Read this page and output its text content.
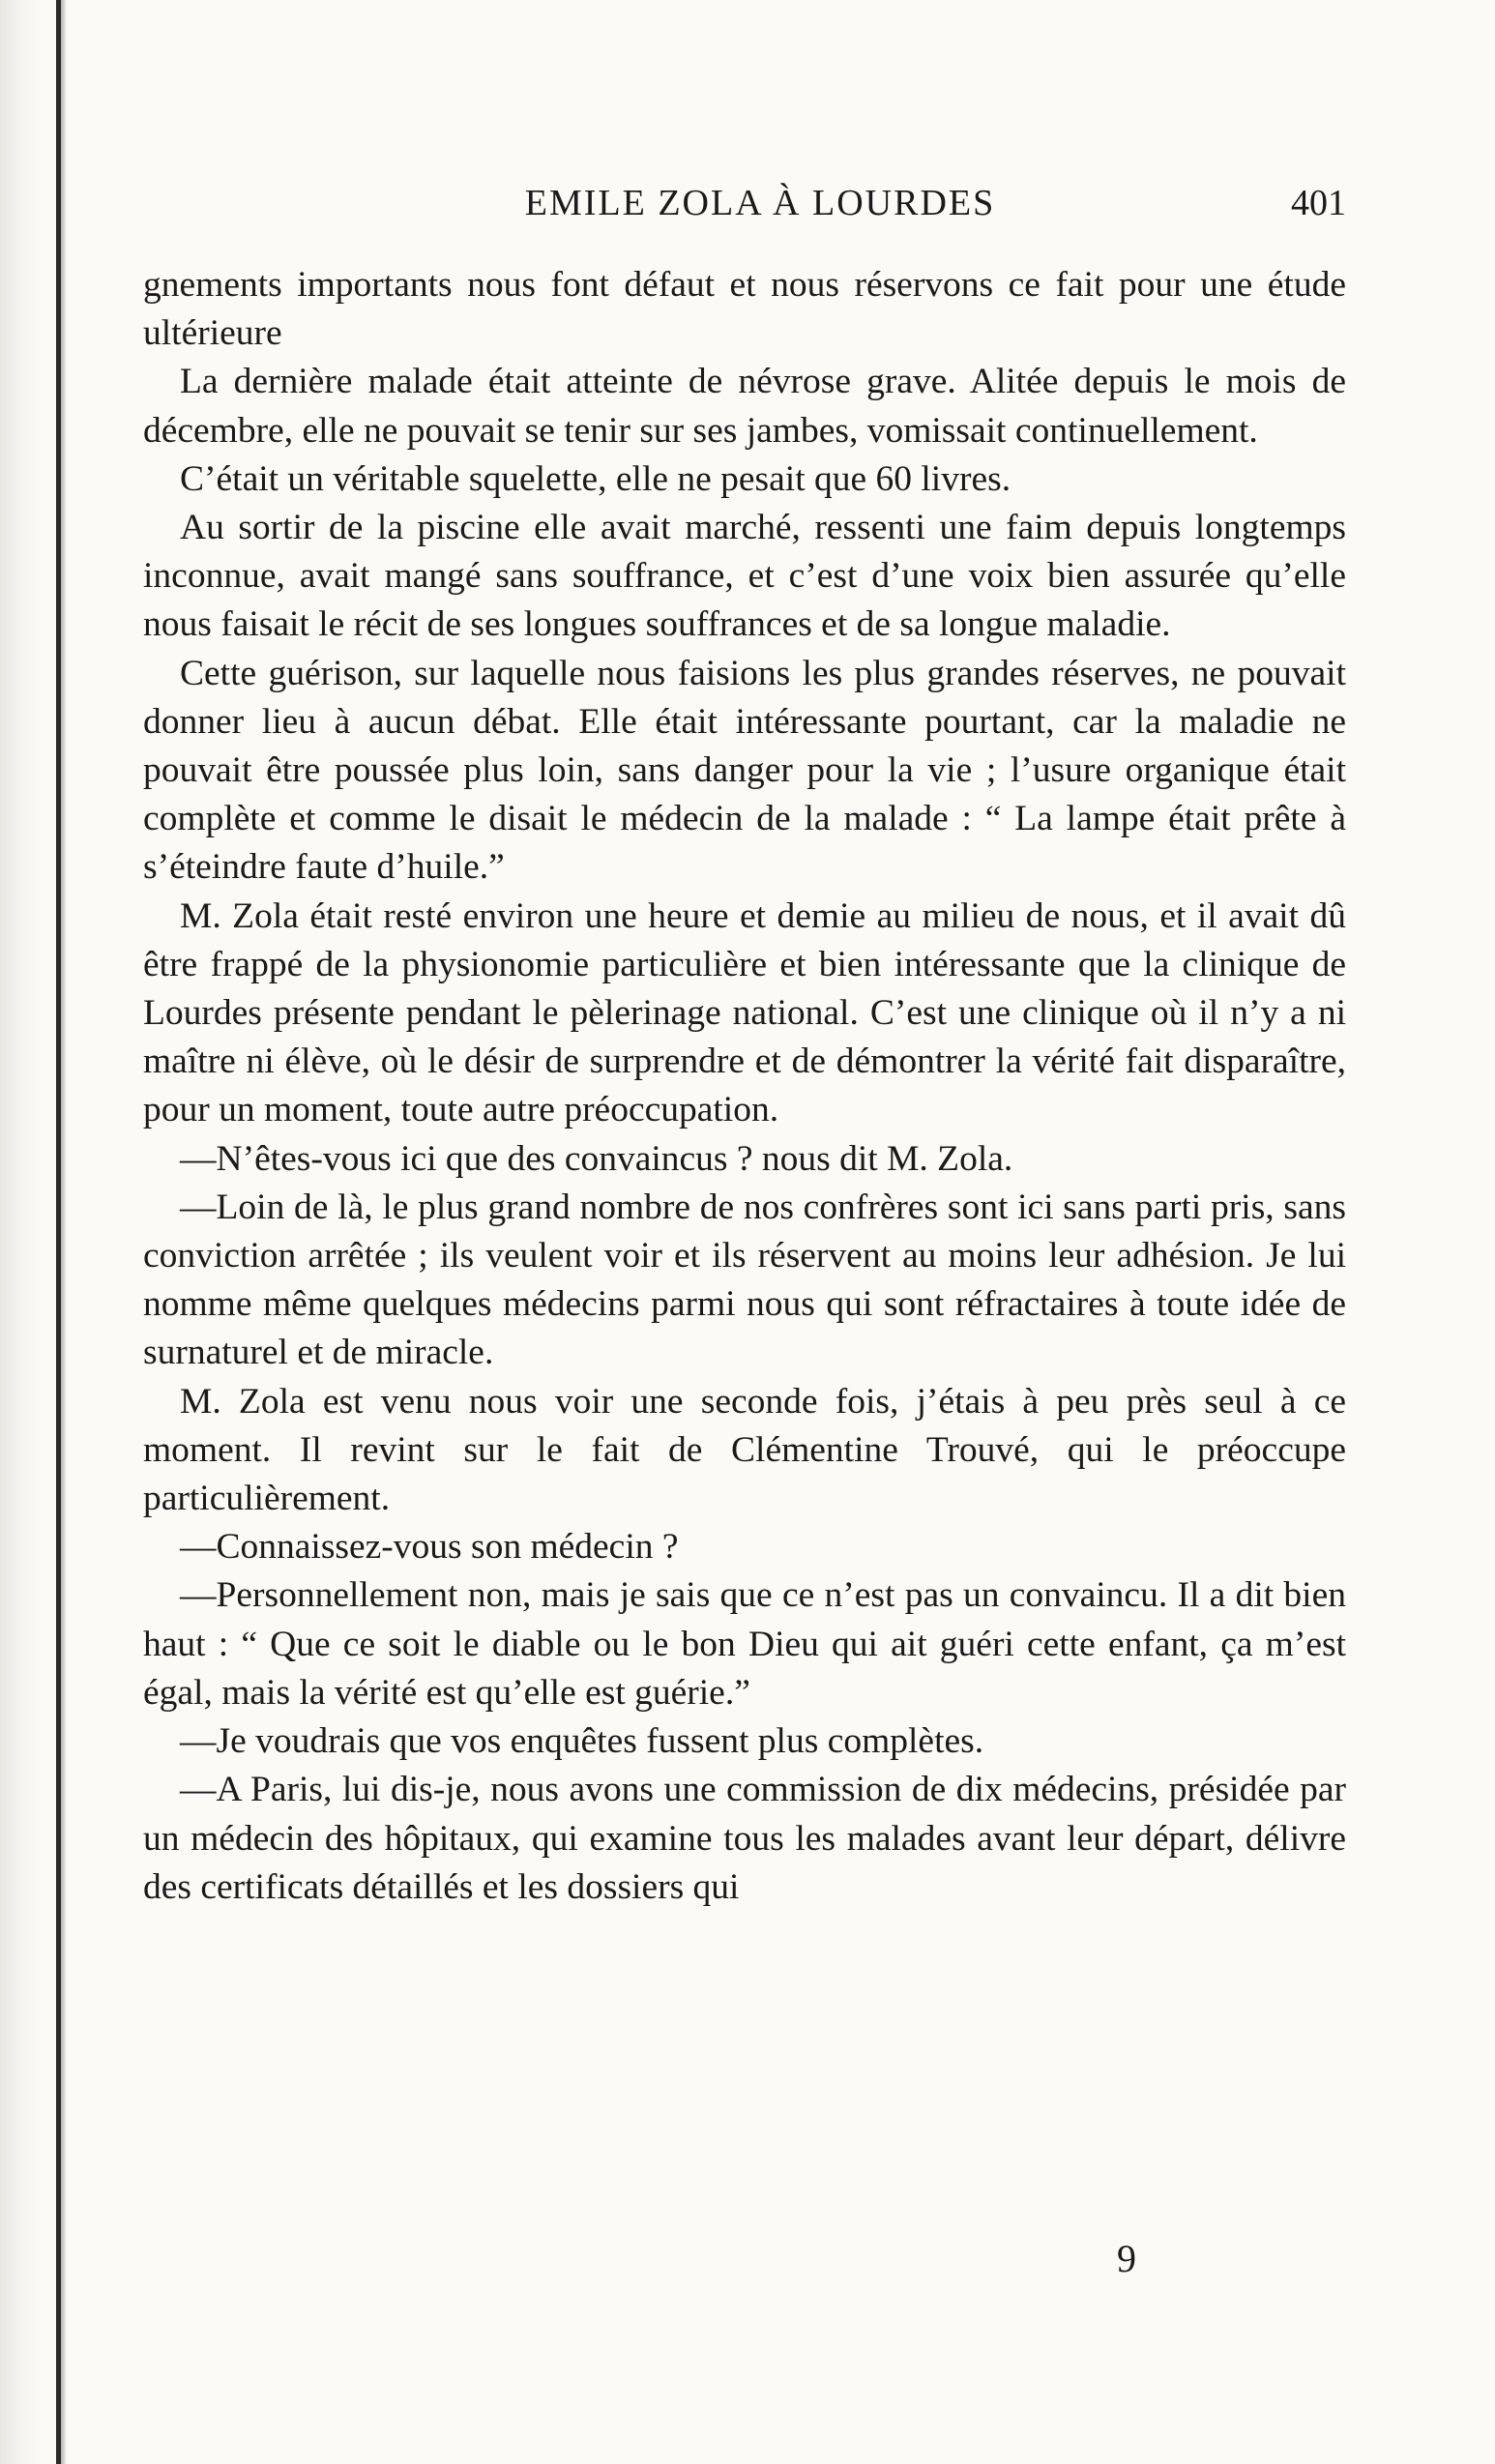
EMILE ZOLA À LOURDES	401

gnements importants nous font défaut et nous réservons ce fait pour une étude ultérieure

La dernière malade était atteinte de névrose grave. Alitée depuis le mois de décembre, elle ne pouvait se tenir sur ses jambes, vomissait continuellement.

C’était un véritable squelette, elle ne pesait que 60 livres.

Au sortir de la piscine elle avait marché, ressenti une faim depuis longtemps inconnue, avait mangé sans souffrance, et c’est d’une voix bien assurée qu’elle nous faisait le récit de ses longues souffrances et de sa longue maladie.

Cette guérison, sur laquelle nous faisions les plus grandes réserves, ne pouvait donner lieu à aucun débat. Elle était intéressante pourtant, car la maladie ne pouvait être poussée plus loin, sans danger pour la vie ; l’usure organique était complète et comme le disait le médecin de la malade : “ La lampe était prête à s’éteindre faute d’huile.”

M. Zola était resté environ une heure et demie au milieu de nous, et il avait dû être frappé de la physionomie particulière et bien intéressante que la clinique de Lourdes présente pendant le pèlerinage national. C’est une clinique où il n’y a ni maître ni élève, où le désir de surprendre et de démontrer la vérité fait disparaître, pour un moment, toute autre préoccupation.

—N’êtes-vous ici que des convaincus ? nous dit M. Zola.

—Loin de là, le plus grand nombre de nos confrères sont ici sans parti pris, sans conviction arrêtée ; ils veulent voir et ils réservent au moins leur adhésion. Je lui nomme même quelques médecins parmi nous qui sont réfractaires à toute idée de surnaturel et de miracle.

M. Zola est venu nous voir une seconde fois, j’étais à peu près seul à ce moment. Il revint sur le fait de Clémentine Trouvé, qui le préoccupe particulièrement.

—Connaissez-vous son médecin ?

—Personnellement non, mais je sais que ce n’est pas un convaincu. Il a dit bien haut : “ Que ce soit le diable ou le bon Dieu qui ait guéri cette enfant, ça m’est égal, mais la vérité est qu’elle est guérie.”

—Je voudrais que vos enquêtes fussent plus complètes.

—A Paris, lui dis-je, nous avons une commission de dix médecins, présidée par un médecin des hôpitaux, qui examine tous les malades avant leur départ, délivre des certificats détaillés et les dossiers qui

9
